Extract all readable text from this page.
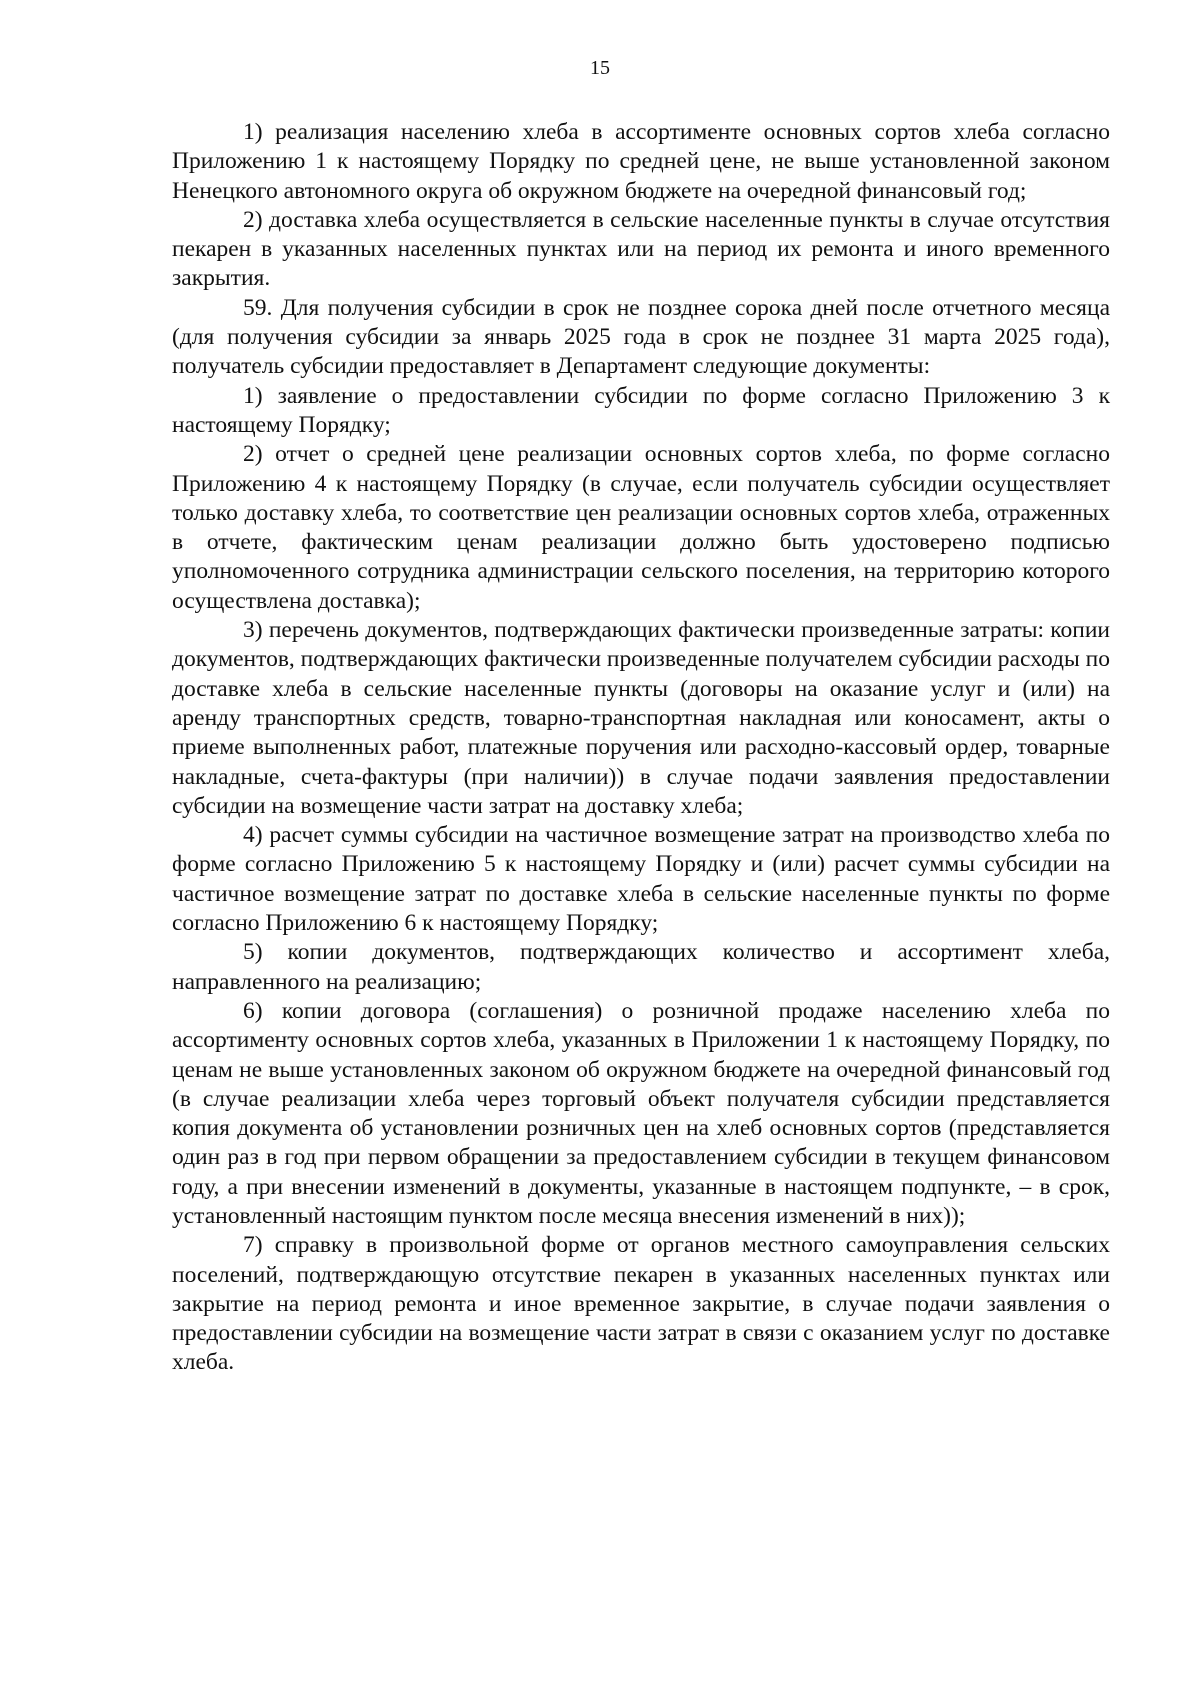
15

1) реализация населению хлеба в ассортименте основных сортов хлеба согласно Приложению 1 к настоящему Порядку по средней цене, не выше установленной законом Ненецкого автономного округа об окружном бюджете на очередной финансовый год;

2) доставка хлеба осуществляется в сельские населенные пункты в случае отсутствия пекарен в указанных населенных пунктах или на период их ремонта и иного временного закрытия.

59. Для получения субсидии в срок не позднее сорока дней после отчетного месяца (для получения субсидии за январь 2025 года в срок не позднее 31 марта 2025 года), получатель субсидии предоставляет в Департамент следующие документы:

1) заявление о предоставлении субсидии по форме согласно Приложению 3 к настоящему Порядку;

2) отчет о средней цене реализации основных сортов хлеба, по форме согласно Приложению 4 к настоящему Порядку (в случае, если получатель субсидии осуществляет только доставку хлеба, то соответствие цен реализации основных сортов хлеба, отраженных в отчете, фактическим ценам реализации должно быть удостоверено подписью уполномоченного сотрудника администрации сельского поселения, на территорию которого осуществлена доставка);

3) перечень документов, подтверждающих фактически произведенные затраты: копии документов, подтверждающих фактически произведенные получателем субсидии расходы по доставке хлеба в сельские населенные пункты (договоры на оказание услуг и (или) на аренду транспортных средств, товарно-транспортная накладная или коносамент, акты о приеме выполненных работ, платежные поручения или расходно-кассовый ордер, товарные накладные, счета-фактуры (при наличии)) в случае подачи заявления предоставлении субсидии на возмещение части затрат на доставку хлеба;

4) расчет суммы субсидии на частичное возмещение затрат на производство хлеба по форме согласно Приложению 5 к настоящему Порядку и (или) расчет суммы субсидии на частичное возмещение затрат по доставке хлеба в сельские населенные пункты по форме согласно Приложению 6 к настоящему Порядку;

5) копии документов, подтверждающих количество и ассортимент хлеба, направленного на реализацию;

6) копии договора (соглашения) о розничной продаже населению хлеба по ассортименту основных сортов хлеба, указанных в Приложении 1 к настоящему Порядку, по ценам не выше установленных законом об окружном бюджете на очередной финансовый год (в случае реализации хлеба через торговый объект получателя субсидии представляется копия документа об установлении розничных цен на хлеб основных сортов (представляется один раз в год при первом обращении за предоставлением субсидии в текущем финансовом году, а при внесении изменений в документы, указанные в настоящем подпункте, – в срок, установленный настоящим пунктом после месяца внесения изменений в них));

7) справку в произвольной форме от органов местного самоуправления сельских поселений, подтверждающую отсутствие пекарен в указанных населенных пунктах или закрытие на период ремонта и иное временное закрытие, в случае подачи заявления о предоставлении субсидии на возмещение части затрат в связи с оказанием услуг по доставке хлеба.
